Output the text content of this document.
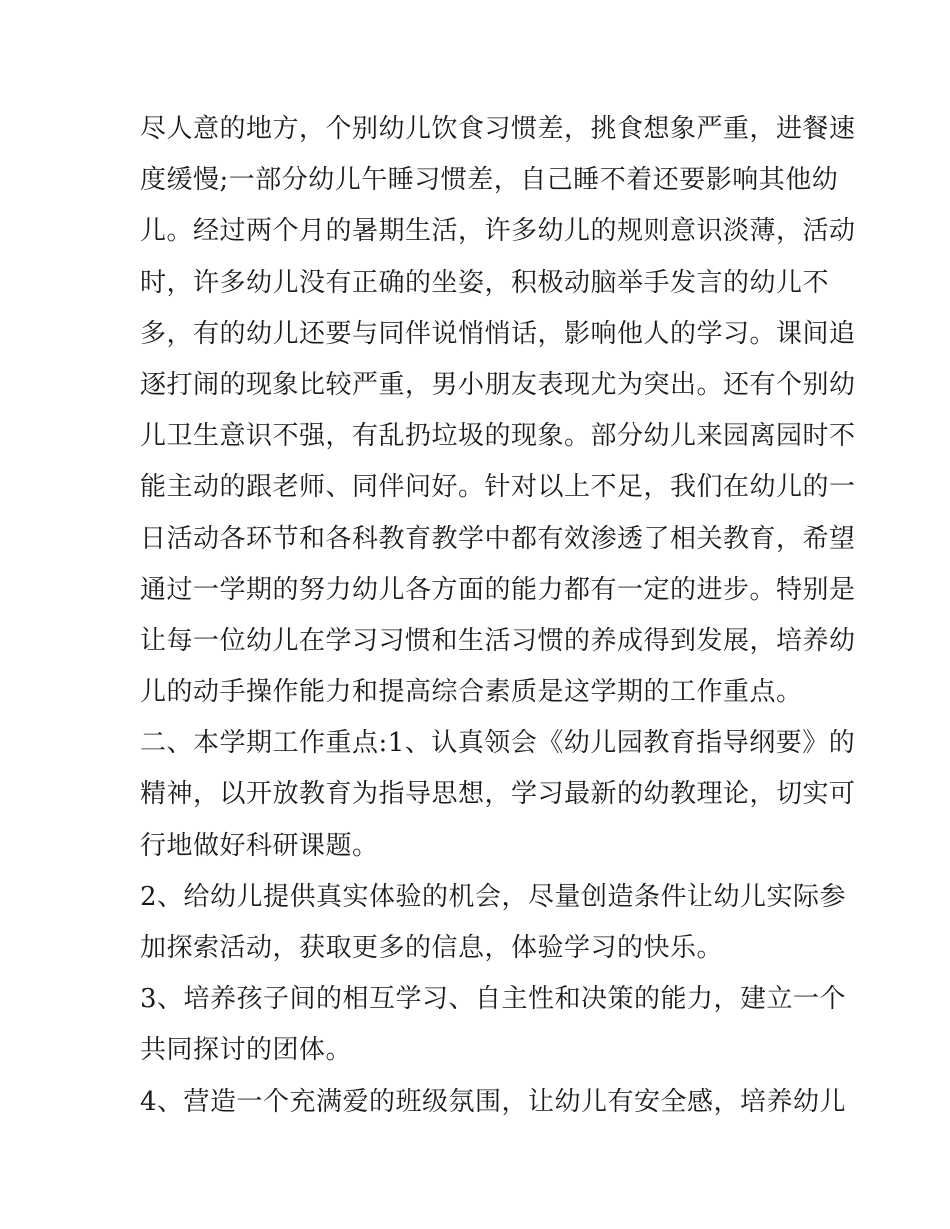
尽人意的地方，个别幼儿饮食习惯差，挑食想象严重，进餐速
度缓慢;一部分幼儿午睡习惯差，自己睡不着还要影响其他幼
儿。经过两个月的暑期生活，许多幼儿的规则意识淡薄，活动
时，许多幼儿没有正确的坐姿，积极动脑举手发言的幼儿不
多，有的幼儿还要与同伴说悄悄话，影响他人的学习。课间追
逐打闹的现象比较严重，男小朋友表现尤为突出。还有个别幼
儿卫生意识不强，有乱扔垃圾的现象。部分幼儿来园离园时不
能主动的跟老师、同伴问好。针对以上不足，我们在幼儿的一
日活动各环节和各科教育教学中都有效渗透了相关教育，希望
通过一学期的努力幼儿各方面的能力都有一定的进步。特别是
让每一位幼儿在学习习惯和生活习惯的养成得到发展，培养幼
儿的动手操作能力和提高综合素质是这学期的工作重点。
二、本学期工作重点:1、认真领会《幼儿园教育指导纲要》的
精神，以开放教育为指导思想，学习最新的幼教理论，切实可
行地做好科研课题。
2、给幼儿提供真实体验的机会，尽量创造条件让幼儿实际参
加探索活动，获取更多的信息，体验学习的快乐。
3、培养孩子间的相互学习、自主性和决策的能力，建立一个
共同探讨的团体。
4、营造一个充满爱的班级氛围，让幼儿有安全感，培养幼儿
